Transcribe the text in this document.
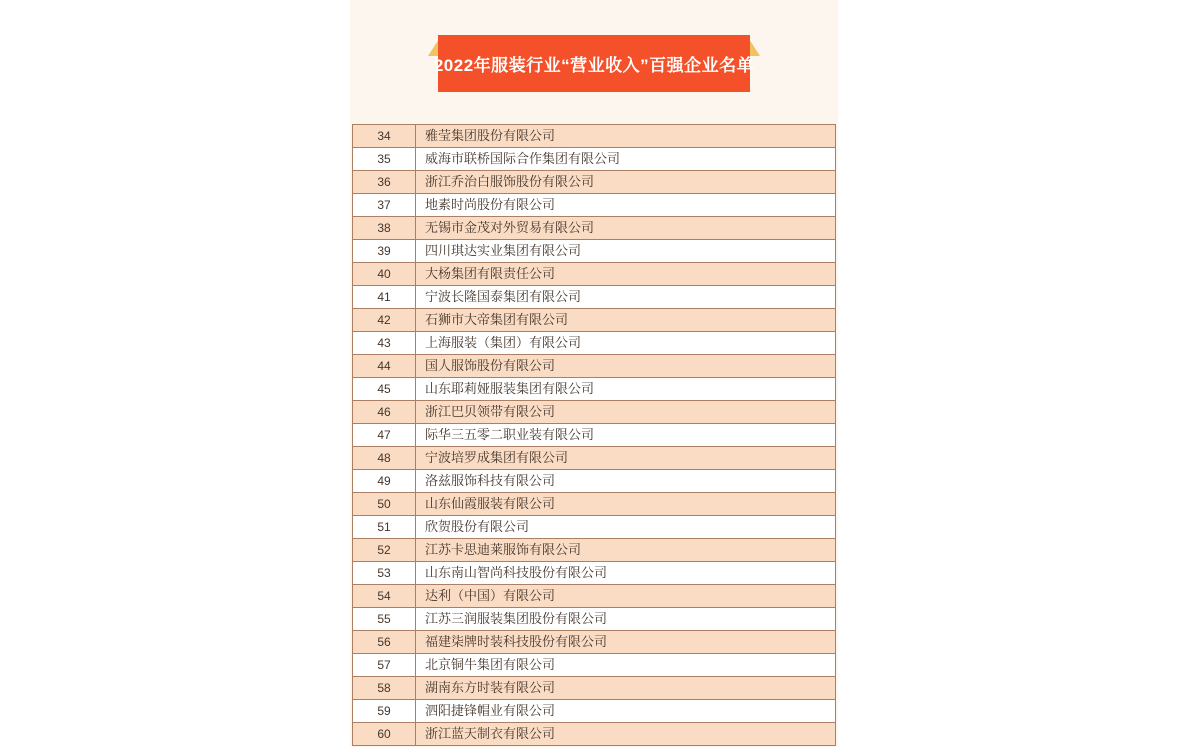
2022年服装行业“营业收入”百强企业名单
34	雅莹集团股份有限公司
35	威海市联桥国际合作集团有限公司
36	浙江乔治白服饰股份有限公司
37	地素时尚股份有限公司
38	无锡市金茂对外贸易有限公司
39	四川琪达实业集团有限公司
40	大杨集团有限责任公司
41	宁波长隆国泰集团有限公司
42	石狮市大帝集团有限公司
43	上海服装（集团）有限公司
44	国人服饰股份有限公司
45	山东耶莉娅服装集团有限公司
46	浙江巴贝领带有限公司
47	际华三五零二职业装有限公司
48	宁波培罗成集团有限公司
49	洛兹服饰科技有限公司
50	山东仙霞服装有限公司
51	欣贺股份有限公司
52	江苏卡思迪莱服饰有限公司
53	山东南山智尚科技股份有限公司
54	达利（中国）有限公司
55	江苏三润服装集团股份有限公司
56	福建柒牌时装科技股份有限公司
57	北京铜牛集团有限公司
58	湖南东方时装有限公司
59	泗阳捷锋帽业有限公司
60	浙江蓝天制衣有限公司
